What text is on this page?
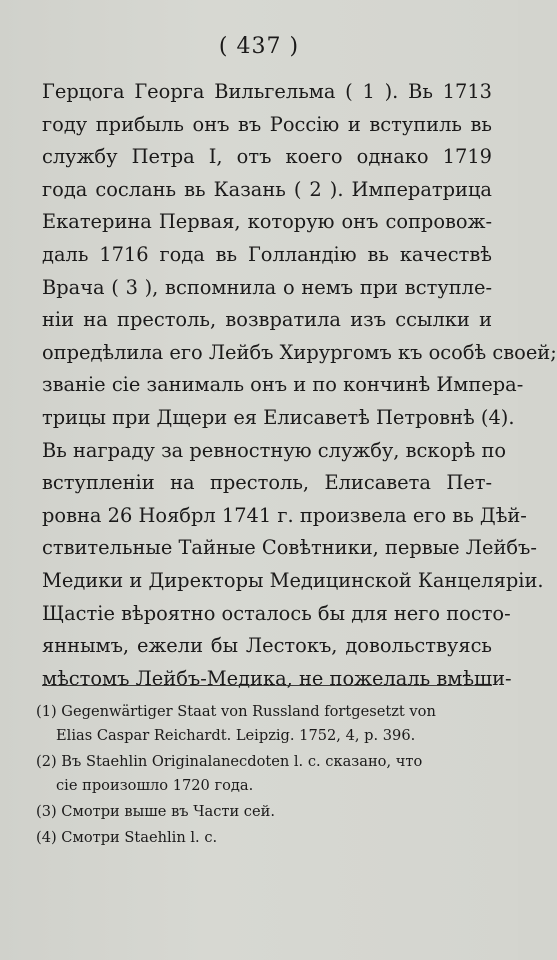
( 437 )
Герцога Георга Вильгельма ( 1 ). Вь 1713
году прибыль онъ въ Россію и вступиль вь
службу Петра I, отъ коего однако 1719
года сослань вь Казань ( 2 ). Императрица
Екатерина Первая, которую онъ сопровож-
даль 1716 года вь Голландію вь качествѣ
Врача ( 3 ), вспомнила о немъ при вступле-
ніи на престоль, возвратила изъ ссылки и
опредѣлила его Лейбъ Хирургомъ къ особѣ своей;
званіе сіе занималь онъ и по кончинѣ Импера-
трицы при Дщери ея Елисаветѣ Петровнѣ (4).
Вь награду за ревностную службу, вскорѣ по
вступленіи на престоль, Елисавета Пет-
ровна 26 Ноябрл 1741 г. произвела его вь Дѣй-
ствительные Тайные Совѣтники, первые Лейбъ-
Медики и Директоры Медицинской Канцеляріи.
Щастіе вѣроятно осталось бы для него посто-
яннымъ, ежели бы Лестокъ, довольствуясь
мѣстомъ Лейбъ-Медика, не пожелаль вмѣши-
(1) Gegenwärtiger Staat von Russland fortgesetzt von
Elias Caspar Reichardt. Leipzig. 1752, 4, p. 396.
(2) Въ Staehlin Originalanecdoten l. c. сказано, что
сіе произошло 1720 года.
(3) Смотри выше въ Части сей.
(4) Смотри Staehlin l. c.
